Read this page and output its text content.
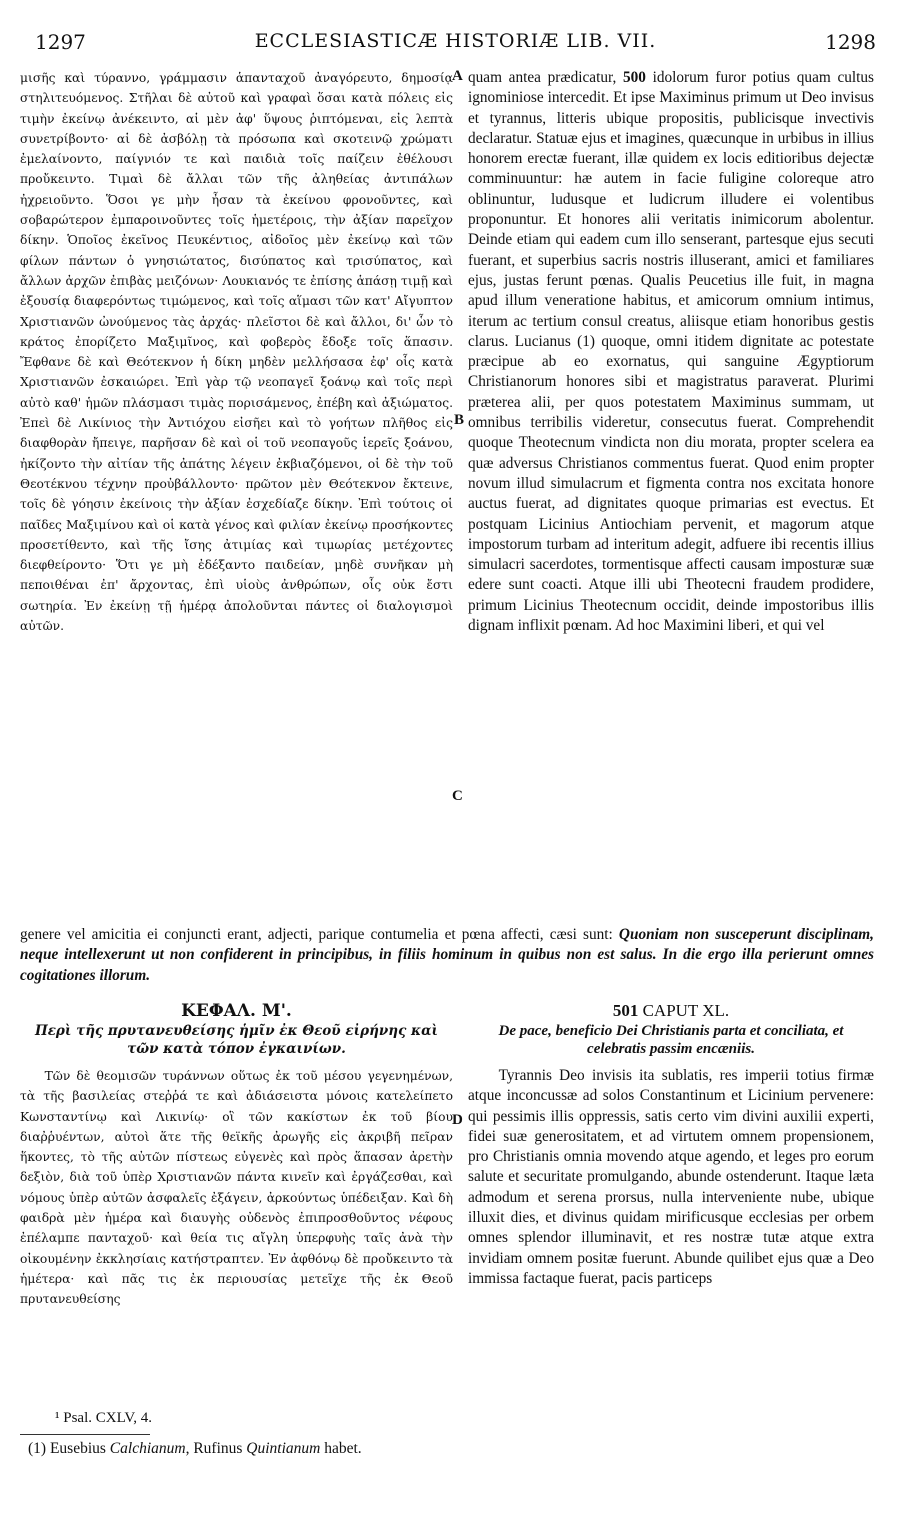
1297	ECCLESIASTICÆ HISTORIÆ LIB. VII.	1298

μισῆς καὶ τύραννο, γράμμασιν ἁπανταχοῦ ἀναγόρευτο, δημοσίᾳ στηλιτευόμενος. Στῆλαι δὲ αὐτοῦ καὶ γραφαὶ ὅσαι κατὰ πόλεις εἰς τιμὴν ἐκείνῳ ἀνέκειντο, αἱ μὲν ἀφ' ὕψους ῥιπτόμεναι, εἰς λεπτὰ συνετρίβοντο· αἱ δὲ ἀσβόλῃ τὰ πρόσωπα καὶ σκοτεινῷ χρώματι ἐμελαίνοντο, παίγνιόν τε καὶ παιδιὰ τοῖς παίζειν ἐθέλουσι προὔκειντο. Τιμαὶ δὲ ἄλλαι τῶν τῆς ἀληθείας ἀντιπάλων ἠχρειοῦντο. Ὅσοι γε μὴν ἦσαν τὰ ἐκείνου φρονοῦντες, καὶ σοβαρώτερον ἐμπαροινοῦντες τοῖς ἡμετέροις, τὴν ἀξίαν παρεῖχον δίκην. Ὁποῖος ἐκεῖνος Πευκέντιος, αἰδοῖος μὲν ἐκείνῳ καὶ τῶν φίλων πάντων ὁ γνησιώτατος, δισύπατος καὶ τρισύπατος, καὶ ἄλλων ἀρχῶν ἐπιβὰς μειζόνων· Λουκιανός τε ἐπίσης ἁπάσῃ τιμῇ καὶ ἐξουσίᾳ διαφερόντως τιμώμενος, καὶ τοῖς αἵμασι τῶν κατ' Αἴγυπτον Χριστιανῶν ὠνούμενος τὰς ἀρχάς· πλεῖστοι δὲ καὶ ἄλλοι, δι' ὧν τὸ κράτος ἐπορίζετο Μαξιμῖνος, καὶ φοβερὸς ἔδοξε τοῖς ἅπασιν. Ἔφθανε δὲ καὶ Θεότεκνον ἡ δίκη μηδὲν μελλήσασα ἐφ' οἷς κατὰ Χριστιανῶν ἐσκαιώρει. Ἐπὶ γὰρ τῷ νεοπαγεῖ ξοάνῳ καὶ τοῖς περὶ αὐτὸ καθ' ἡμῶν πλάσμασι τιμὰς πορισάμενος, ἐπέβη καὶ ἀξιώματος. Ἐπεὶ δὲ Λικίνιος τὴν Ἀντιόχου εἰσῆει καὶ τὸ γοήτων πλῆθος εἰς διαφθορὰν ἤπειγε, παρῆσαν δὲ καὶ οἱ τοῦ νεοπαγοῦς ἱερεῖς ξοάνου, ἠκίζοντο τὴν αἰτίαν τῆς ἀπάτης λέγειν ἐκβιαζόμενοι, οἱ δὲ τὴν τοῦ Θεοτέκνου τέχνην προὐβάλλοντο· πρῶτον μὲν Θεότεκνον ἔκτεινε, τοῖς δὲ γόησιν ἐκείνοις τὴν ἀξίαν ἐσχεδίαζε δίκην. Ἐπὶ τούτοις οἱ παῖδες Μαξιμίνου καὶ οἱ κατὰ γένος καὶ φιλίαν ἐκείνῳ προσήκοντες προσετίθεντο, καὶ τῆς ἴσης ἀτιμίας καὶ τιμωρίας μετέχοντες διεφθείροντο· Ὅτι γε μὴ ἐδέξαντο παιδείαν, μηδὲ συνῆκαν μὴ πεποιθέναι ἐπ' ἄρχοντας, ἐπὶ υἱοὺς ἀνθρώπων, οἷς οὐκ ἔστι σωτηρία. Ἐν ἐκείνῃ τῇ ἡμέρᾳ ἀπολοῦνται πάντες οἱ διαλογισμοὶ αὐτῶν.

quam antea prædicatur, 500 idolorum furor potius quam cultus ignominiose intercedit. Et ipse Maximinus primum ut Deo invisus et tyrannus, litteris ubique propositis, publicisque invectivis declaratur. Statuæ ejus et imagines, quæcunque in urbibus in illius honorem erectæ fuerant, illæ quidem ex locis editioribus dejectæ comminuuntur: hæ autem in facie fuligine coloreque atro oblinuntur, ludusque et ludicrum illudere ei volentibus proponuntur. Et honores alii veritatis inimicorum abolentur. Deinde etiam qui eadem cum illo senserant, partesque ejus secuti fuerant, et superbius sacris nostris illuserant, amici et familiares ejus, justas ferunt pœnas. Qualis Peucetius ille fuit, in magna apud illum veneratione habitus, et amicorum omnium intimus, iterum ac tertium consul creatus, aliisque etiam honoribus gestis clarus. Lucianus (1) quoque, omni itidem dignitate ac potestate præcipue ab eo exornatus, qui sanguine Ægyptiorum Christianorum honores sibi et magistratus paraverat. Plurimi præterea alii, per quos potestatem Maximinus summam, ut omnibus terribilis videretur, consecutus fuerat. Comprehendit quoque Theotecnum vindicta non diu morata, propter scelera ea quæ adversus Christianos commentus fuerat. Quod enim propter novum illud simulacrum et figmenta contra nos excitata honore auctus fuerat, ad dignitates quoque primarias est evectus. Et postquam Licinius Antiochiam pervenit, et magorum atque impostorum turbam ad interitum adegit, adfuere ibi recentis illius simulacri sacerdotes, tormentisque affecti causam imposturæ suæ edere sunt coacti. Atque illi ubi Theotecni fraudem prodidere, primum Licinius Theotecnum occidit, deinde impostoribus illis dignam inflixit pœnam. Ad hoc Maximini liberi, et qui vel

A
B
C
D
genere vel amicitia ei conjuncti erant, adjecti, parique contumelia et pœna affecti, cæsi sunt: Quoniam non susceperunt disciplinam, neque intellexerunt ut non confiderent in principibus, in filiis hominum in quibus non est salus. In die ergo illa perierunt omnes cogitationes illorum.
ΚΕΦΑΛ. Μ'.
Περὶ τῆς πρυτανευθείσης ἡμῖν ἐκ Θεοῦ εἰρήνης καὶ τῶν κατὰ τόπον ἐγκαινίων.
501 CAPUT XL.
De pace, beneficio Dei Christianis parta et conciliata, et celebratis passim encæniis.

Τῶν δὲ θεομισῶν τυράννων οὕτως ἐκ τοῦ μέσου γεγενημένων, τὰ τῆς βασιλείας στεῤῥά τε καὶ ἀδιάσειστα μόνοις κατελείπετο Κωνσταντίνῳ καὶ Λικινίῳ· οἳ τῶν κακίστων ἐκ τοῦ βίου διαῤῥυέντων, αὐτοὶ ἅτε τῆς θεϊκῆς ἀρωγῆς εἰς ἀκριβῆ πεῖραν ἥκοντες, τὸ τῆς αὐτῶν πίστεως εὐγενὲς καὶ πρὸς ἅπασαν ἀρετὴν δεξιὸν, διὰ τοῦ ὑπὲρ Χριστιανῶν πάντα κινεῖν καὶ ἐργάζεσθαι, καὶ νόμους ὑπὲρ αὐτῶν ἀσφαλεῖς ἐξάγειν, ἀρκούντως ὑπέδειξαν. Καὶ δὴ φαιδρὰ μὲν ἡμέρα καὶ διαυγὴς οὐδενὸς ἐπιπροσθοῦντος νέφους ἐπέλαμπε πανταχοῦ· καὶ θεία τις αἴγλη ὑπερφυὴς ταῖς ἀνὰ τὴν οἰκουμένην ἐκκλησίαις κατήστραπτεν. Ἐν ἀφθόνῳ δὲ προὔκειντο τὰ ἡμέτερα· καὶ πᾶς τις ἐκ περιουσίας μετεῖχε τῆς ἐκ Θεοῦ πρυτανευθείσης

Tyrannis Deo invisis ita sublatis, res imperii totius firmæ atque inconcussæ ad solos Constantinum et Licinium pervenere: qui pessimis illis oppressis, satis certo vim divini auxilii experti, fidei suæ generositatem, et ad virtutem omnem propensionem, pro Christianis omnia movendo atque agendo, et leges pro eorum salute et securitate promulgando, abunde ostenderunt. Itaque læta admodum et serena prorsus, nulla interveniente nube, ubique illuxit dies, et divinus quidam mirificusque ecclesias per orbem omnes splendor illuminavit, et res nostræ tutæ atque extra invidiam omnem positæ fuerunt. Abunde quilibet ejus quæ a Deo immissa factaque fuerat, pacis particeps

¹ Psal. CXLV, 4.
(1) Eusebius Calchianum, Rufinus Quintianum habet.
